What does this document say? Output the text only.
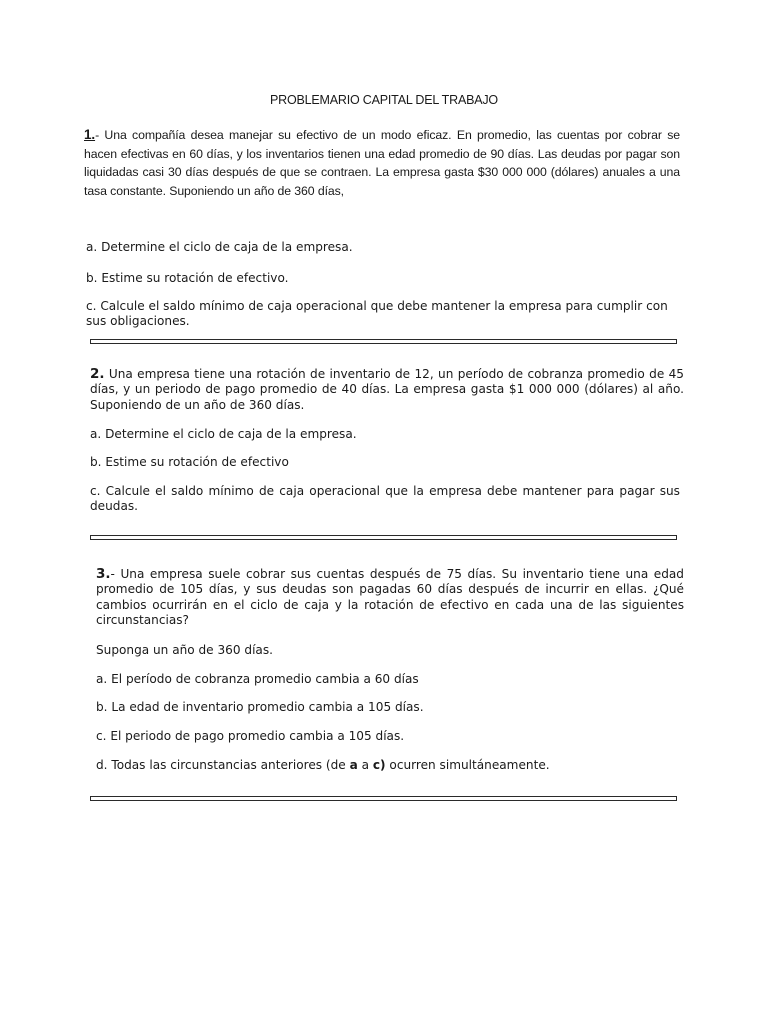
PROBLEMARIO CAPITAL DEL TRABAJO

1.- Una compañía desea manejar su efectivo de un modo eficaz. En promedio, las cuentas por cobrar se hacen efectivas en 60 días, y los inventarios tienen una edad promedio de 90 días. Las deudas por pagar son liquidadas casi 30 días después de que se contraen. La empresa gasta $30 000 000 (dólares) anuales a una tasa constante. Suponiendo un año de 360 días,

a. Determine el ciclo de caja de la empresa.

b. Estime su rotación de efectivo.

c. Calcule el saldo mínimo de caja operacional que debe mantener la empresa para cumplir con

sus obligaciones.

2. Una empresa tiene una rotación de inventario de 12, un período de cobranza promedio de 45 días, y un periodo de pago promedio de 40 días. La empresa gasta $1 000 000 (dólares) al año. Suponiendo de un año de 360 días.

a. Determine el ciclo de caja de la empresa.

b. Estime su rotación de efectivo

c. Calcule el saldo mínimo de caja operacional que la empresa debe mantener para pagar sus deudas.

3.- Una empresa suele cobrar sus cuentas después de 75 días. Su inventario tiene una edad promedio de 105 días, y sus deudas son pagadas 60 días después de incurrir en ellas. ¿Qué cambios ocurrirán en el ciclo de caja y la rotación de efectivo en cada una de las siguientes circunstancias?

Suponga un año de 360 días.

a. El período de cobranza promedio cambia a 60 días

b. La edad de inventario promedio cambia a 105 días.

c. El periodo de pago promedio cambia a 105 días.

d. Todas las circunstancias anteriores (de a a c) ocurren simultáneamente.
